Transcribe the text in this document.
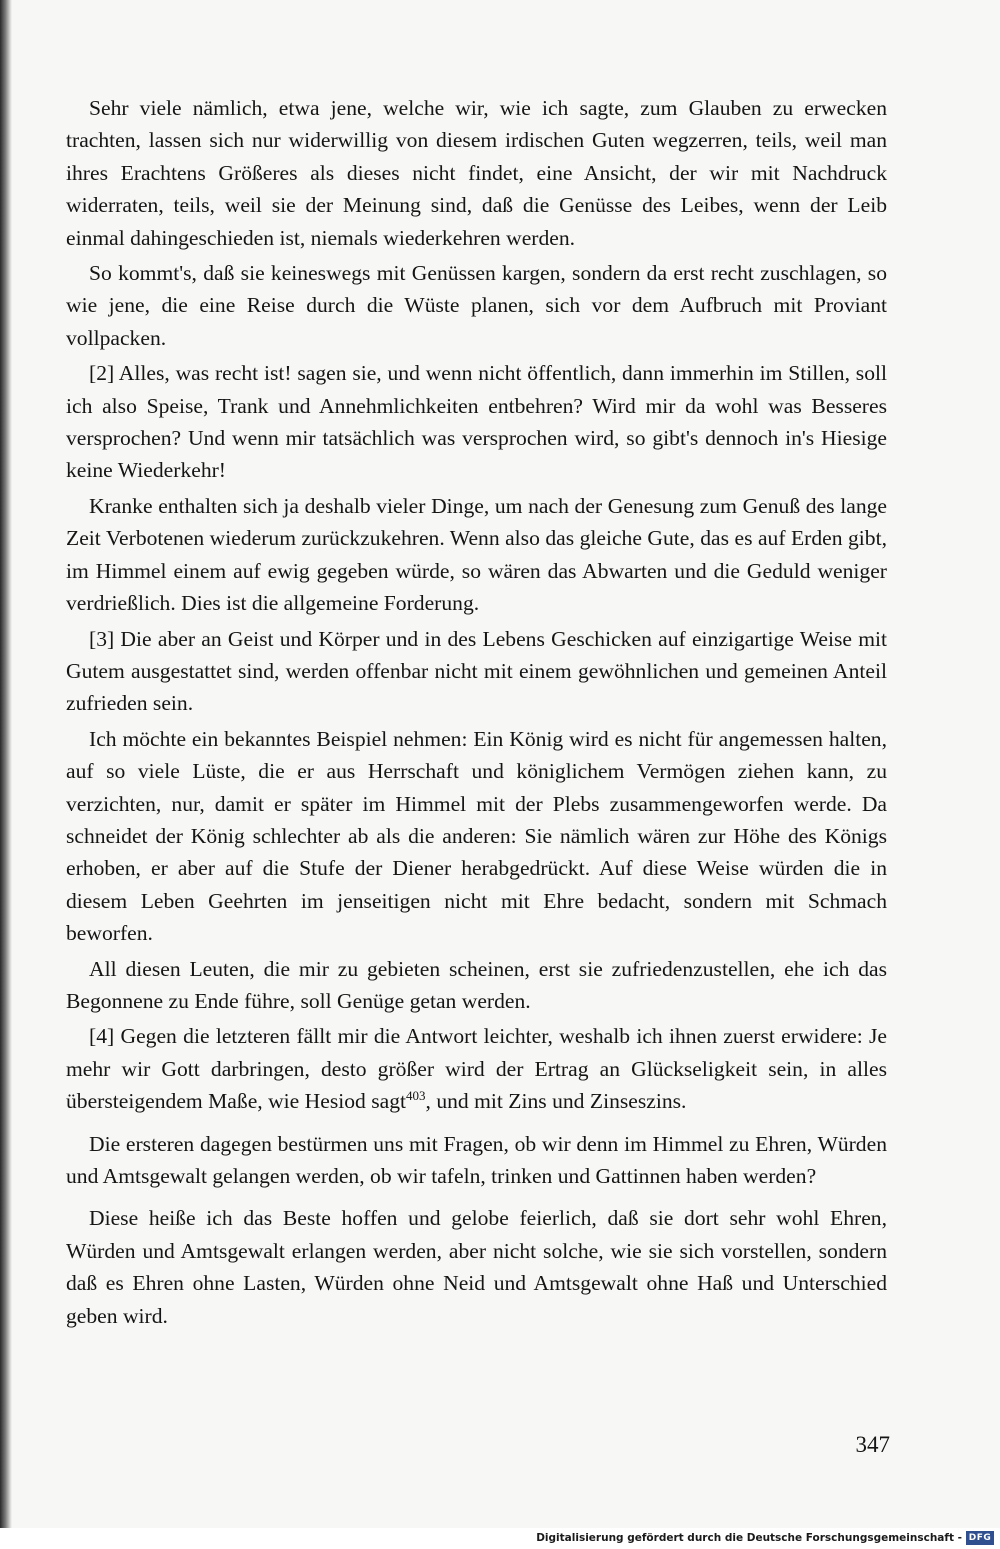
Sehr viele nämlich, etwa jene, welche wir, wie ich sagte, zum Glauben zu erwecken trachten, lassen sich nur widerwillig von diesem irdischen Guten wegzerren, teils, weil man ihres Erachtens Größeres als dieses nicht findet, eine Ansicht, der wir mit Nachdruck widerraten, teils, weil sie der Meinung sind, daß die Genüsse des Leibes, wenn der Leib einmal dahingeschieden ist, niemals wiederkehren werden.

So kommt's, daß sie keineswegs mit Genüssen kargen, sondern da erst recht zuschlagen, so wie jene, die eine Reise durch die Wüste planen, sich vor dem Aufbruch mit Proviant vollpacken.

[2] Alles, was recht ist! sagen sie, und wenn nicht öffentlich, dann immerhin im Stillen, soll ich also Speise, Trank und Annehmlichkeiten entbehren? Wird mir da wohl was Besseres versprochen? Und wenn mir tatsächlich was versprochen wird, so gibt's dennoch in's Hiesige keine Wiederkehr!

Kranke enthalten sich ja deshalb vieler Dinge, um nach der Genesung zum Genuß des lange Zeit Verbotenen wiederum zurückzukehren. Wenn also das gleiche Gute, das es auf Erden gibt, im Himmel einem auf ewig gegeben würde, so wären das Abwarten und die Geduld weniger verdrießlich. Dies ist die allgemeine Forderung.

[3] Die aber an Geist und Körper und in des Lebens Geschicken auf einzigartige Weise mit Gutem ausgestattet sind, werden offenbar nicht mit einem gewöhnlichen und gemeinen Anteil zufrieden sein.

Ich möchte ein bekanntes Beispiel nehmen: Ein König wird es nicht für angemessen halten, auf so viele Lüste, die er aus Herrschaft und königlichem Vermögen ziehen kann, zu verzichten, nur, damit er später im Himmel mit der Plebs zusammengeworfen werde. Da schneidet der König schlechter ab als die anderen: Sie nämlich wären zur Höhe des Königs erhoben, er aber auf die Stufe der Diener herabgedrückt. Auf diese Weise würden die in diesem Leben Geehrten im jenseitigen nicht mit Ehre bedacht, sondern mit Schmach beworfen.

All diesen Leuten, die mir zu gebieten scheinen, erst sie zufriedenzustellen, ehe ich das Begonnene zu Ende führe, soll Genüge getan werden.

[4] Gegen die letzteren fällt mir die Antwort leichter, weshalb ich ihnen zuerst erwidere: Je mehr wir Gott darbringen, desto größer wird der Ertrag an Glückseligkeit sein, in alles übersteigendem Maße, wie Hesiod sagt$^{403}$, und mit Zins und Zinseszins.

Die ersteren dagegen bestürmen uns mit Fragen, ob wir denn im Himmel zu Ehren, Würden und Amtsgewalt gelangen werden, ob wir tafeln, trinken und Gattinnen haben werden?

Diese heiße ich das Beste hoffen und gelobe feierlich, daß sie dort sehr wohl Ehren, Würden und Amtsgewalt erlangen werden, aber nicht solche, wie sie sich vorstellen, sondern daß es Ehren ohne Lasten, Würden ohne Neid und Amtsgewalt ohne Haß und Unterschied geben wird.

347
Digitalisierung gefördert durch die Deutsche Forschungsgemeinschaft - DFG
